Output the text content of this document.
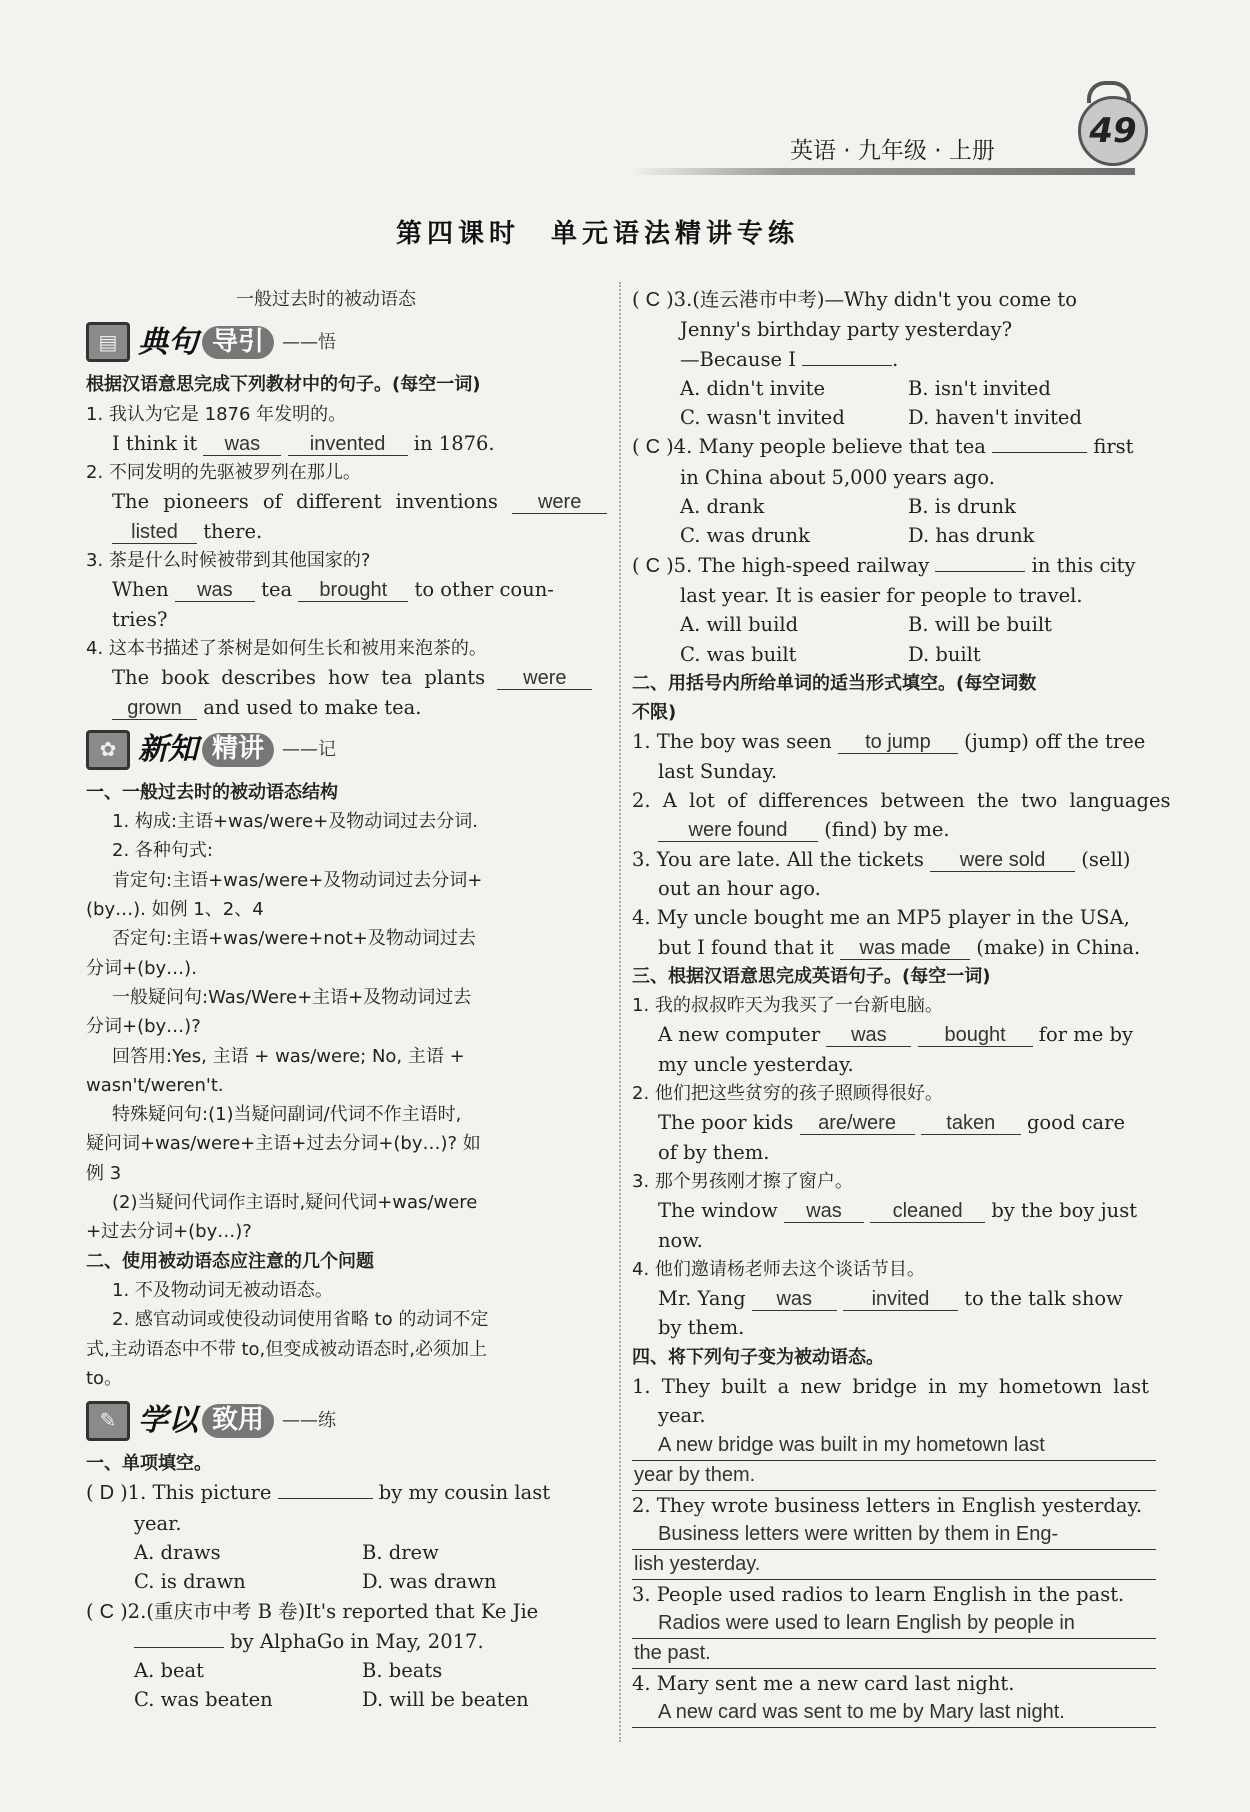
英语 · 九年级 · 上册	49
第四课时　单元语法精讲专练
一般过去时的被动语态
▤ 典句 导引	——悟
根据汉语意思完成下列教材中的句子。(每空一词)
1. 我认为它是 1876 年发明的。
I think it was invented in 1876.
2. 不同发明的先驱被罗列在那儿。
The pioneers of different inventions were
listed there.
3. 茶是什么时候被带到其他国家的?
When was tea brought to other coun-
tries?
4. 这本书描述了茶树是如何生长和被用来泡茶的。
The book describes how tea plants were
grown and used to make tea.
✿ 新知 精讲	——记
一、一般过去时的被动语态结构
1. 构成:主语+was/were+及物动词过去分词.
2. 各种句式:
肯定句:主语+was/were+及物动词过去分词+
(by…). 如例 1、2、4
否定句:主语+was/were+not+及物动词过去
分词+(by…).
一般疑问句:Was/Were+主语+及物动词过去
分词+(by…)?
回答用:Yes, 主语 + was/were; No, 主语 +
wasn't/weren't.
特殊疑问句:(1)当疑问副词/代词不作主语时,
疑问词+was/were+主语+过去分词+(by…)? 如
例 3
(2)当疑问代词作主语时,疑问代词+was/were
+过去分词+(by…)?
二、使用被动语态应注意的几个问题
1. 不及物动词无被动语态。
2. 感官动词或使役动词使用省略 to 的动词不定
式,主动语态中不带 to,但变成被动语态时,必须加上
to。
✎ 学以 致用	——练
一、单项填空。
( D )1. This picture	by my cousin last
year.
A. draws	B. drew
C. is drawn	D. was drawn
( C )2.(重庆市中考 B 卷)It's reported that Ke Jie
by AlphaGo in May, 2017.
A. beat	B. beats
C. was beaten	D. will be beaten
( C )3.(连云港市中考)—Why didn't you come to
Jenny's birthday party yesterday?
—Because I	.
A. didn't invite	B. isn't invited
C. wasn't invited	D. haven't invited
( C )4. Many people believe that tea	first
in China about 5,000 years ago.
A. drank	B. is drunk
C. was drunk	D. has drunk
( C )5. The high-speed railway	in this city
last year. It is easier for people to travel.
A. will build	B. will be built
C. was built	D. built
二、用括号内所给单词的适当形式填空。(每空词数
不限)
1. The boy was seen to jump (jump) off the tree
last Sunday.
2. A lot of differences between the two languages
were found (find) by me.
3. You are late. All the tickets were sold (sell)
out an hour ago.
4. My uncle bought me an MP5 player in the USA,
but I found that it was made (make) in China.
三、根据汉语意思完成英语句子。(每空一词)
1. 我的叔叔昨天为我买了一台新电脑。
A new computer was	bought for me by
my uncle yesterday.
2. 他们把这些贫穷的孩子照顾得很好。
The poor kids are/were	taken good care
of by them.
3. 那个男孩刚才擦了窗户。
The window was	cleaned by the boy just
now.
4. 他们邀请杨老师去这个谈话节目。
Mr. Yang was	invited to the talk show
by them.
四、将下列句子变为被动语态。
1. They built a new bridge in my hometown last
year.
A new bridge was built in my hometown last
year by them.
2. They wrote business letters in English yesterday.
Business letters were written by them in Eng-
lish yesterday.
3. People used radios to learn English in the past.
Radios were used to learn English by people in
the past.
4. Mary sent me a new card last night.
A new card was sent to me by Mary last night.
